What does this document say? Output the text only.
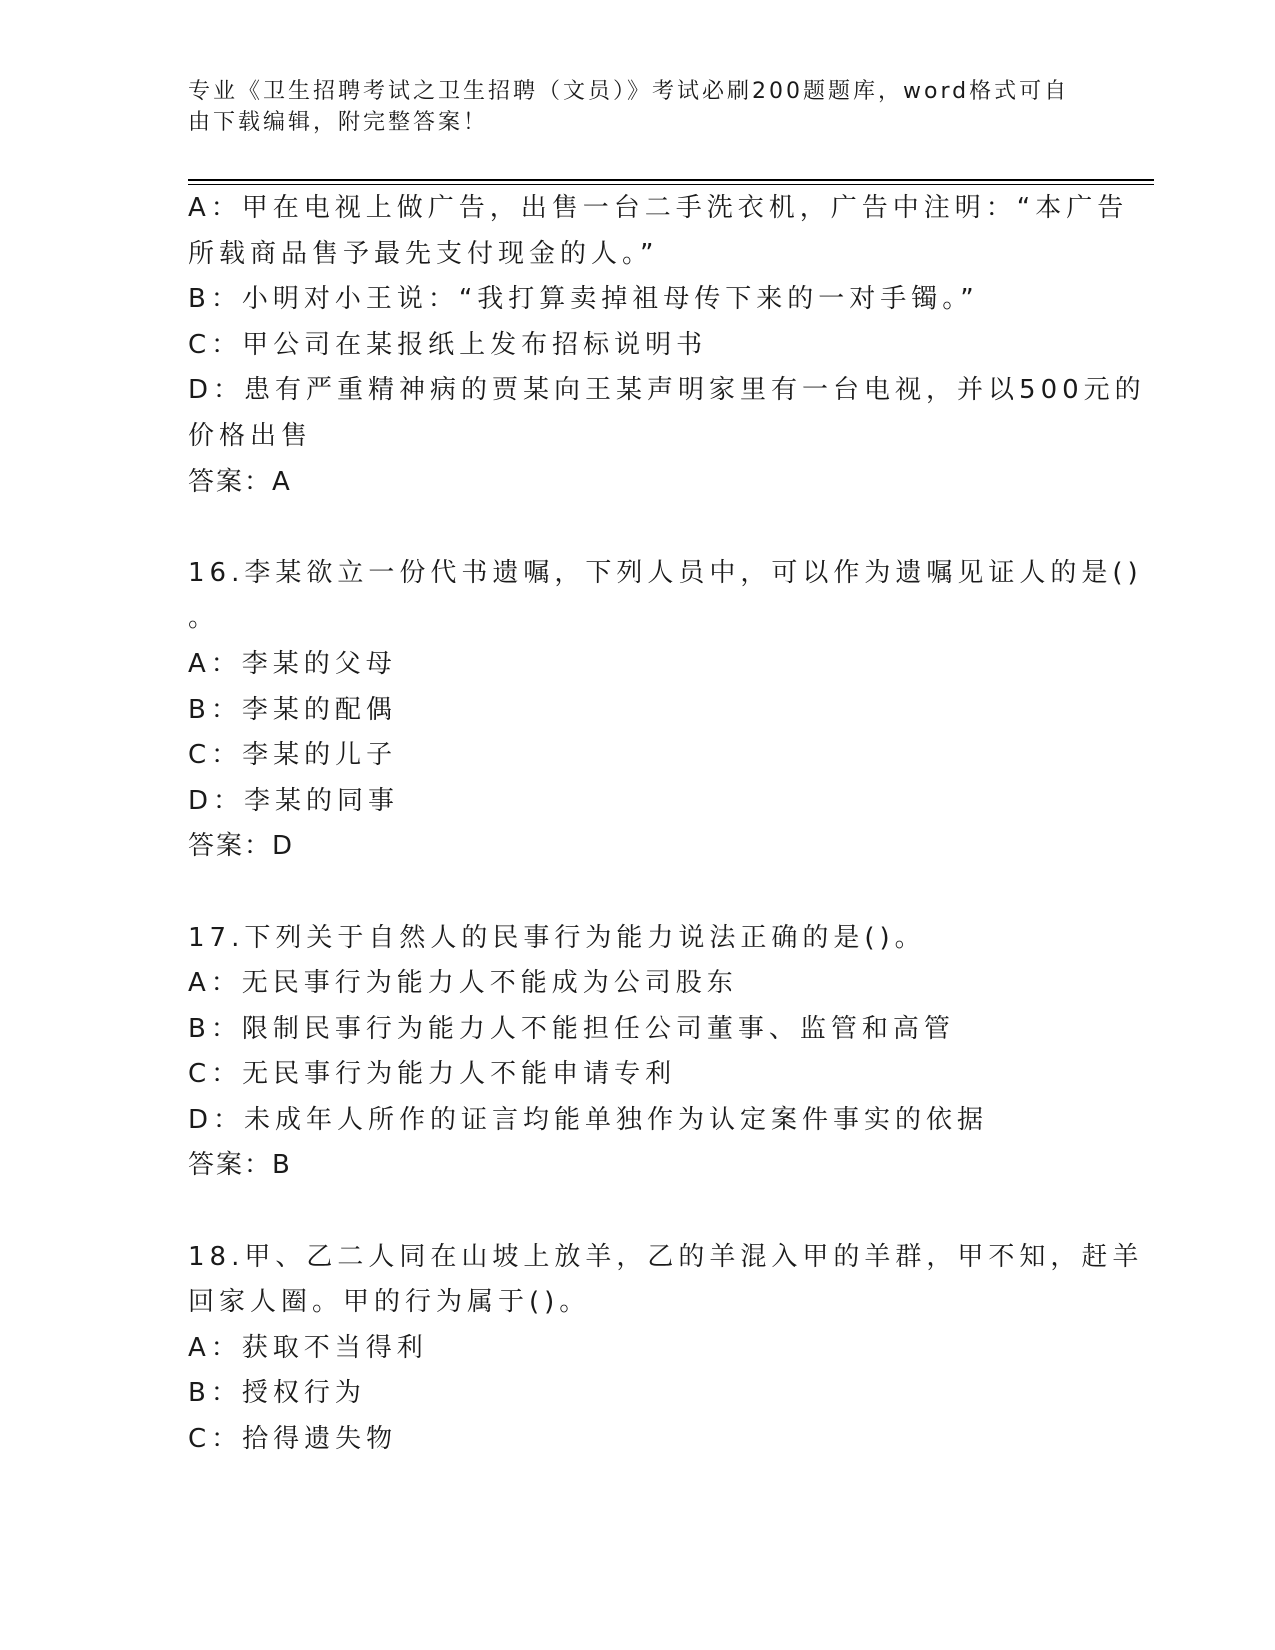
专业《卫生招聘考试之卫生招聘（文员）》考试必刷200题题库，word格式可自
由下载编辑，附完整答案！
A：甲在电视上做广告，出售一台二手洗衣机，广告中注明：“本广告
所载商品售予最先支付现金的人。”
B：小明对小王说：“我打算卖掉祖母传下来的一对手镯。”
C：甲公司在某报纸上发布招标说明书
D：患有严重精神病的贾某向王某声明家里有一台电视，并以500元的
价格出售
答案：A
16.李某欲立一份代书遗嘱，下列人员中，可以作为遗嘱见证人的是()
。
A：李某的父母
B：李某的配偶
C：李某的儿子
D：李某的同事
答案：D
17.下列关于自然人的民事行为能力说法正确的是()。
A：无民事行为能力人不能成为公司股东
B：限制民事行为能力人不能担任公司董事、监管和高管
C：无民事行为能力人不能申请专利
D：未成年人所作的证言均能单独作为认定案件事实的依据
答案：B
18.甲、乙二人同在山坡上放羊，乙的羊混入甲的羊群，甲不知，赶羊
回家人圈。甲的行为属于()。
A：获取不当得利
B：授权行为
C：拾得遗失物
